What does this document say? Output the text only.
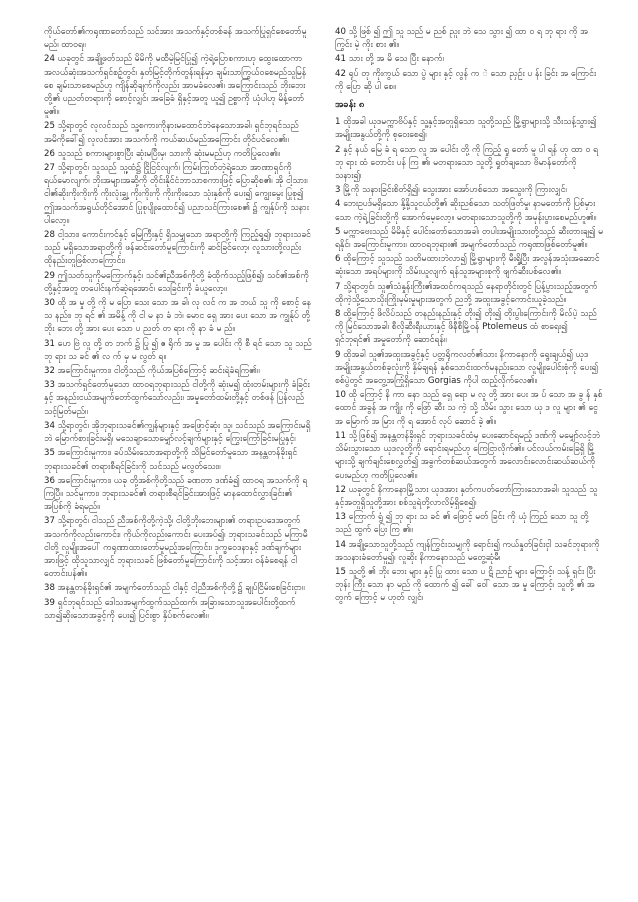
ကိုယ်တော်၏ကရုဏာတော်သည် သင်အား အသက်နှင့်တစ်ခန် အသက်ပြုရှင်စေတော်မူမည်၊ ထာဝရ။

24 ယခုတွင် အချို့ဖတ်သည် မိမိကို မထီမဲ့မြင်ပြု၍ ကဲ့ရဲ့ပြောစကားဟု ထွေးထောကာ အလယ်ဆုံးအသက်ရှင်စဉ့်တွင်၊ နှတ်မြင့်တိုက်တွန်းရန်မှာ ချမ်းသာကြွယ်ဝစေမည်သူမြန်စေ ချမ်းသာစေမည်ဟု ကျိန်ဆိုချက်ကိုလည်း အာမခံလေ၏၊ အကြောင်းသည် ဘိုးဘေးတို့၏ ပညတ်တရားကို စောင့်လျှင်၊ အခြေခံ ရှိနှင့်အတူ ယူ၍ ဥစ္စာကို ယုံပါဟု မိန့်တော်မူ၏။

25 သို့ရာတွင် လုလင်သည် သူ့စကားကိုနားမထောင်ဘဲနေသောအခါ၊ ရှင်ဘုရင်သည် အမိကိုခေါ်၍ လုလင်အား အသက်ကို ကယ်ဆယ်မည်အကြောင်း တိုင်ပင်လေ၏။

26 သူသည် စကားများစွာပြီး ဆုံးမပြီးမှ၊ သားကို ဆုံးမမည်ဟု ကတိပြုလေ၏။

27 သို့ရာတွင်၊ သူသည် သူ့ထံ၌ ငြိုငြင်လျက်၊ ကြမ်းကြုတ်တဲ့ရဲ့သော အာဏာရှင်ကို ရယ်မောလျက်၊ ဘိုးအများအဆို့ကို တိုင်းနိုင်ငံဘာသာစကားဖြင့် ပြောဆိုစ၏၊ အို ငါ့သား၊ ငါ၏ဆိုးကိုးကိုးကို ကိုးလုံးချွှ့ ကိုးကိုးကို ကိုးကိုးသော သုံးနှစ်ကို ပေး၍ ကျွေးမွေး ပြုစု၍ ဤအသက်အရွယ်တိုင်အောင် ပြုစုပျိုးထောင်၍ ပညာသင်ကြားစေ၏ ၌ ကျွန်ုပ်ကို သနားပါလော့။

28 ငါ့သား၊ ကောင်းကင်နှင့် မြေကြီးနှင့် ရှိသမျှသော အရာတို့ကို ကြည့်ရှု၍၊ ဘုရားသခင်သည် မရှိသောအရာတို့ကို ဖန်ဆင်းတော်မူကြောင်းကို ဆင်ခြင်လော့၊ လူသားတို့လည်း ထိုနည်းတူဖြစ်လာကြောင်း၊

29 ဤသတ်သူကိုမကြောက်နှင့်၊ သင်၏ညီအစ်ကိုတို့ ခံထိုက်သည့်ဖြစ်၍၊ သင်၏အစ်ကိုတို့နှင့်အတူ တပေါင်းနက်ဆဲ့ရအောင်၊ သေခြင်းကို ခံယူလော့။

30 ထို အ မှု တို့ ကို မ ပြော သေး သော အ ခါ၊ လု လင် က အ ဘယ် သူ ကို စောင့် နေ သ နည်း၊ ဘု ရင် ၏ အမိန့် ကို ငါ မ နာ ခံ ဘဲ၊ မောင ရှေ အား ပေး သော အ ကျွန်ုပ် တို့ ဘိုး ဘေး တို့ အား ပေး သော ပ ညတ် တ ရား ကို နာ ခံ မ ည်။

31 ဟေ ဗြဲ လူ တို့ တ ဘက် ၌ ပြု ၍ ဧ ရိုက် အ မှု အ ပေါင်း ကို စီ ရင် သော သူ သည် ဘု ရား သ ခင် ၏ လ က် မှ မ လွတ် ရ။

32 အကြောင်းမူကား၊ ငါတို့သည် ကိုယ်အပြစ်ကြောင့် ဆင်းရဲခံရကြ၏။

33 အသက်ရှင်တော်မူသော ထာဝရဘုရားသည် ငါတို့ကို ဆုံးမ၍ ထုံးတမ်းများကို ခံခြင်းနှင့် အနည်းငယ်အမျက်တော်ထွက်သော်လည်း၊ အမှုတော်ထမ်းတို့နှင့် တစ်ဖန် ပြန်လည် သင့်မြတ်မည်။

34 သို့ရာတွင်၊ အိုဘုရားသခင်၏ကျွန်များနှင့် အဖြောင့်ဆုံး သူ၊ သင်သည် အကြောင်းမရှိဘဲ မြောက်စားခြင်းမရှိ၊ မသေချာသောမျှော်လင့်ချက်များနှင့် ကြွေးကြော်ခြင်းမပြုနှင့်၊

35 အကြောင်းမူကား၊ ခပ်သိမ်းသောအရာတို့ကို သိမြင်တော်မူသော အနန္တတန်ခိုးရှင်ဘုရားသခင်၏ တရားစီရင်ခြင်းကို သင်သည် မလွတ်သေး။

36 အကြောင်းမူကား၊ ယခု တို့အစ်ကိုတို့သည် ခဏတာ ဒဏ်ခံ၍ ထာဝရ အသက်ကို ရကြပြီ။ သင်မူကား၊ ဘုရားသခင်၏ တရားစီရင်ခြင်းအားဖြင့် မာနထောင်လွှားခြင်း၏ အပြစ်ကို ခံရမည်။

37 သို့ရာတွင်၊ ငါသည် ညီအစ်ကိုတို့ကဲ့သို့၊ ငါတို့ဘိုးဘေးများ၏ တရားဥပဒေအတွက် အသက်ကိုလည်းကောင်း၊ ကိုယ်ကိုလည်းကောင်း ပေးအပ်၍၊ ဘုရားသခင်သည် မကြာမီ ငါတို့ လူမျိုးအပေါ် ကရုဏာထားတော်မူမည့်အကြောင်း၊ ဒုက္ခဝေဒနာနှင့် ဒဏ်ချက်များအားဖြင့် ထိုသူသာလျှင် ဘုရားသခင် ဖြစ်တော်မူကြောင်းကို သင့်အား ဝန်ခံစေရန် ငါတောင်းပန်၏။

38 အနန္တတန်ခိုးရှင်၏ အမျက်တော်သည် ငါနှင့် ငါ့ညီအစ်ကိုတို့၌ ချုပ်ငြိမ်းစေခြင်းငှာ။

39 ရှင်ဘုရင်သည် ဒေါသအမျက်ထွက်သည်ထက်၊ အခြားသောသူအပေါင်းတို့ထက် သာ၍ဆိုးသောအခွင့်ကို ပေး၍ ပြင်းစွာ နှိပ်စက်လေ၏။

40 သို့ ဖြစ် ၍ ဤ သူ သည် မ ညစ် ညူး ဘဲ သေ သွား ၍ ထာ ဝ ရ ဘု ရား ကို အ ကြွင်း မဲ့ ကိုး စား ၏။

41 သား တို့ အ မိ သေ ပြီး နောက်၊

42 ရုပ် တု ကိုးကွယ် သော ပွဲ များ နှင့် လွန် က ဲ သော ညှဉ်း ပ န်း ခြင်း အ ကြောင်း ကို ပြော ဆို ပါ စေ။

အခန်း ၈

1 ထိုအခါ ယုဒမက္ကာဗိပ်နှင့် သူ့နှင့်အတူရှိသော သူတို့သည် မြို့ရွာများသို့ သီးသန့်သွား၍ အမျိုးအနွယ်တို့ကို စုဝေးစေ၍၊

2 နှင့် နယ် မြေ ခံ ရ သော လူ အ ပေါင်း တို့ ကို ကြည့် ရှု တော် မူ ပါ ရန် ဟု ထာ ဝ ရ ဘု ရား ထံ တောင်း ပန် ကြ ၏၊ မတရားသော သူတို့ ရှုတ်ချသော ဗိမာန်တော်ကို သနား၍၊

3 မြို့ကို သနားခြင်းစိတ်ရှိ၍၊ သွေးအား အော်ဟစ်သော အသွေးကို ကြားလျှင်၊

4 ဘေးဥပဒ်မရှိသော နို့နို့သူငယ်တို့၏ ဆိုးညစ်သော သတ်ဖြတ်မှု၊ နာမတော်ကို ပြစ်မှားသော ကဲ့ရဲ့ခြင်းတို့ကို အောက်မေ့လော့။ မတရားသောသူတို့ကို အမုန်းပွားစေမည်ဟူ၏။

5 မက္ကာဗေးသည် မိမိနှင့် ပေါင်းတော်သောအခါ၊ တပါးအမျိုးသားတို့သည် ဆီးတားချ၍ မရနိုင်၊ အကြောင်းမူကား၊ ထာဝရဘုရား၏ အမျက်တော်သည် ကရုဏာဖြစ်တော်မူ၏။

6 ထိုကြောင့် သူသည် သတိမထားဘဲလာ၍ မြို့ရွာများကို မီးရှို့ပြီး အလွန်အသုံးအဆောင်ဆုံးသော အရပ်များကို သိမ်းယူလျက် ရန်သူအများစုကို ဖျက်ဆီးပစ်လေ၏။

7 သို့ရာတွင်၊ သူ၏သံနှုန်းကြီး၏အထင်ကရသည် နေရာတိုင်းတွင် ပြန့်ပွားသည့်အတွက် ထိုကဲ့သို့သောသိုးကြိုးမုမ်းမှုများအတွက် ညဘို့ အထူးအခွင့်ကောင်းယူခဲ့သည်။

8 ထို့ကြောင့် ဖိလိပ်သည် တနည်းနည်းနှင့် တိုး၍ တိုး၍ တိုးပွါးကြောင်းကို မိလ်ပဲ့ သည်ကို မြင်သောအခါ၊ စီလိုဆီးရီးယားနှင့် ဖိနီစီမြို့ဝန် Ptolemeus ထံ စာရေး၍ ရှင်ဘုရင်၏ အမှုတော်ကို ဆောင်ရန်။

9 ထိုအခါ သူ၏အထူးအခွင့်နှင့် ပတ္တရိုကလတ်၏သား နိကာနောကို ရွေးချယ်၍ ယုဒအမျိုးအနွယ်တစ်ခုလုံးကို နှိမ်ချရန် နှစ်သောင်းထက်မနည်းသော လူမျိုးပေါင်းစုံကို ပေး၍ စစ်ပွဲတွင် အတွေ့အကြုံရှိသော Gorgias ကိုပါ ထည့်လိုက်လေ၏။

10 ထို ကြောင့် နိ ကာ နော သည် ရှေ ရော မ လူ တို့ အား ပေး အ ပ် သော အ ခွ န် နှစ် ထောင် အခွန် အ ကျိုး ကို ဖြော် ဆီး သ ကဲ့ သို့ သိမ်း သွား သော ယု ဒ လူ များ ၏ ငွေ အ မြောက် အ မြား ကို ရ အောင် လုပ် ဆောင် ခဲ့ ၏။

11 သို့ဖြစ်၍ အနန္တတန်ခိုးရှင် ဘုရားသခင်ထံမှ ပေးဆောင်ရမည့် ဒဏ်ကို မမျှော်လင့်ဘဲ သိမ်းသွားသော ယုဒလူတို့ကို ရောင်းရမည်ဟု ကြေငြာလိုက်၏။ ပင်လယ်ကမ်းခြေရှိ မြို့များသို့ ချက်ချင်းစေလွှတ်၍ အခွက်တစ်ဆယ်အတွက် အလောင်းလောင်းဆယ်ဆယ်ကို ပေးမည်ဟု ကတိပြုလေ၏။

12 ယခုတွင် နိကာနောမြို့သား ယုဒအား နှတ်ကပတ်တော်ကြားသောအခါ၊ သူသည် သူနှင့်အတူရှိသူတို့အား စစ်သူရဲတို့လာလိမ့်ရှိစေ၍၊

13 ကြောက် ရွံ ၍ ဘု ရား သ ခင် ၏ ဖြောင့် မတ် ခြင်း ကို ယုံ ကြည် သော သူ တို့ သည် ထွက် ပြေး ကြ ၏။

14 အချို့သောသူတို့သည် ကျန်ကြွင်းသမျှကို ရောင်း၍ ကယ်နှုတ်ခြင်းငှါ သခင်ဘုရားကို အသနားခံတော်မူ၍၊ လူဆိုး နိကာနောသည် မတွေ့ဆုံမီ၊

15 သူတို့ ၏ ဘိုး ဘေး များ နှင့် ပြု ထား သော ပ ဋိ ညာဉ် များ ကြောင့်၊ သန့် ရှင်း ပြီး ဘုန်း ကြီး သော နာ မည် ကို ထောက် ၍ ခေါ် ဝေါ် သော အ မှု ကြောင့်၊ သူတို့ ၏ အ တွက် ကြောင့် မ ဟုတ် လျှင်၊
